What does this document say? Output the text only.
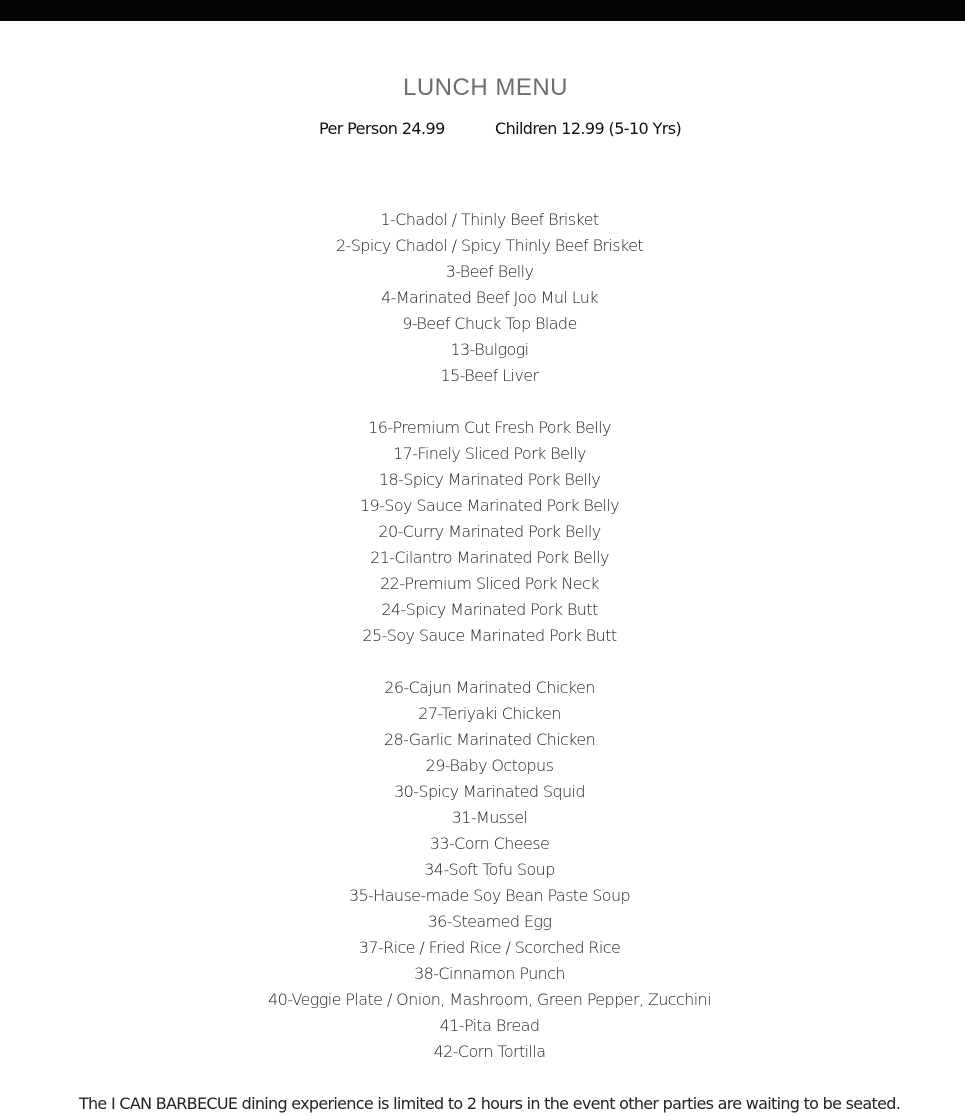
LUNCH MENU
Per Person 24.99	Children 12.99 (5-10 Yrs)
1-Chadol / Thinly Beef Brisket
2-Spicy Chadol / Spicy Thinly Beef Brisket
3-Beef Belly
4-Marinated Beef Joo Mul Luk
9-Beef Chuck Top Blade
13-Bulgogi
15-Beef Liver
16-Premium Cut Fresh Pork Belly
17-Finely Sliced Pork Belly
18-Spicy Marinated Pork Belly
19-Soy Sauce Marinated Pork Belly
20-Curry Marinated Pork Belly
21-Cilantro Marinated Pork Belly
22-Premium Sliced Pork Neck
24-Spicy Marinated Pork Butt
25-Soy Sauce Marinated Pork Butt
26-Cajun Marinated Chicken
27-Teriyaki Chicken
28-Garlic Marinated Chicken
29-Baby Octopus
30-Spicy Marinated Squid
31-Mussel
33-Corn Cheese
34-Soft Tofu Soup
35-Hause-made Soy Bean Paste Soup
36-Steamed Egg
37-Rice / Fried Rice / Scorched Rice
38-Cinnamon Punch
40-Veggie Plate / Onion, Mashroom, Green Pepper, Zucchini
41-Pita Bread
42-Corn Tortilla
The I CAN BARBECUE dining experience is limited to 2 hours in the event other parties are waiting to be seated.
